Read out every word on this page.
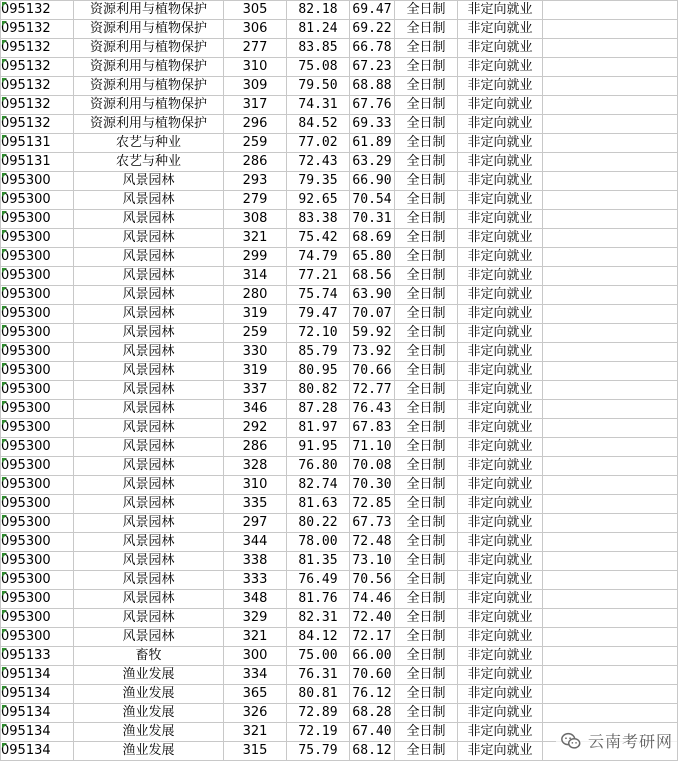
095132	资源利用与植物保护	305	82.18	69.47	全日制	非定向就业	
095132	资源利用与植物保护	306	81.24	69.22	全日制	非定向就业	
095132	资源利用与植物保护	277	83.85	66.78	全日制	非定向就业	
095132	资源利用与植物保护	310	75.08	67.23	全日制	非定向就业	
095132	资源利用与植物保护	309	79.50	68.88	全日制	非定向就业	
095132	资源利用与植物保护	317	74.31	67.76	全日制	非定向就业	
095132	资源利用与植物保护	296	84.52	69.33	全日制	非定向就业	
095131	农艺与种业	259	77.02	61.89	全日制	非定向就业	
095131	农艺与种业	286	72.43	63.29	全日制	非定向就业	
095300	风景园林	293	79.35	66.90	全日制	非定向就业	
095300	风景园林	279	92.65	70.54	全日制	非定向就业	
095300	风景园林	308	83.38	70.31	全日制	非定向就业	
095300	风景园林	321	75.42	68.69	全日制	非定向就业	
095300	风景园林	299	74.79	65.80	全日制	非定向就业	
095300	风景园林	314	77.21	68.56	全日制	非定向就业	
095300	风景园林	280	75.74	63.90	全日制	非定向就业	
095300	风景园林	319	79.47	70.07	全日制	非定向就业	
095300	风景园林	259	72.10	59.92	全日制	非定向就业	
095300	风景园林	330	85.79	73.92	全日制	非定向就业	
095300	风景园林	319	80.95	70.66	全日制	非定向就业	
095300	风景园林	337	80.82	72.77	全日制	非定向就业	
095300	风景园林	346	87.28	76.43	全日制	非定向就业	
095300	风景园林	292	81.97	67.83	全日制	非定向就业	
095300	风景园林	286	91.95	71.10	全日制	非定向就业	
095300	风景园林	328	76.80	70.08	全日制	非定向就业	
095300	风景园林	310	82.74	70.30	全日制	非定向就业	
095300	风景园林	335	81.63	72.85	全日制	非定向就业	
095300	风景园林	297	80.22	67.73	全日制	非定向就业	
095300	风景园林	344	78.00	72.48	全日制	非定向就业	
095300	风景园林	338	81.35	73.10	全日制	非定向就业	
095300	风景园林	333	76.49	70.56	全日制	非定向就业	
095300	风景园林	348	81.76	74.46	全日制	非定向就业	
095300	风景园林	329	82.31	72.40	全日制	非定向就业	
095300	风景园林	321	84.12	72.17	全日制	非定向就业	
095133	畜牧	300	75.00	66.00	全日制	非定向就业	
095134	渔业发展	334	76.31	70.60	全日制	非定向就业	
095134	渔业发展	365	80.81	76.12	全日制	非定向就业	
095134	渔业发展	326	72.89	68.28	全日制	非定向就业	
095134	渔业发展	321	72.19	67.40	全日制	非定向就业	
095134	渔业发展	315	75.79	68.12	全日制	非定向就业		云南考研网
